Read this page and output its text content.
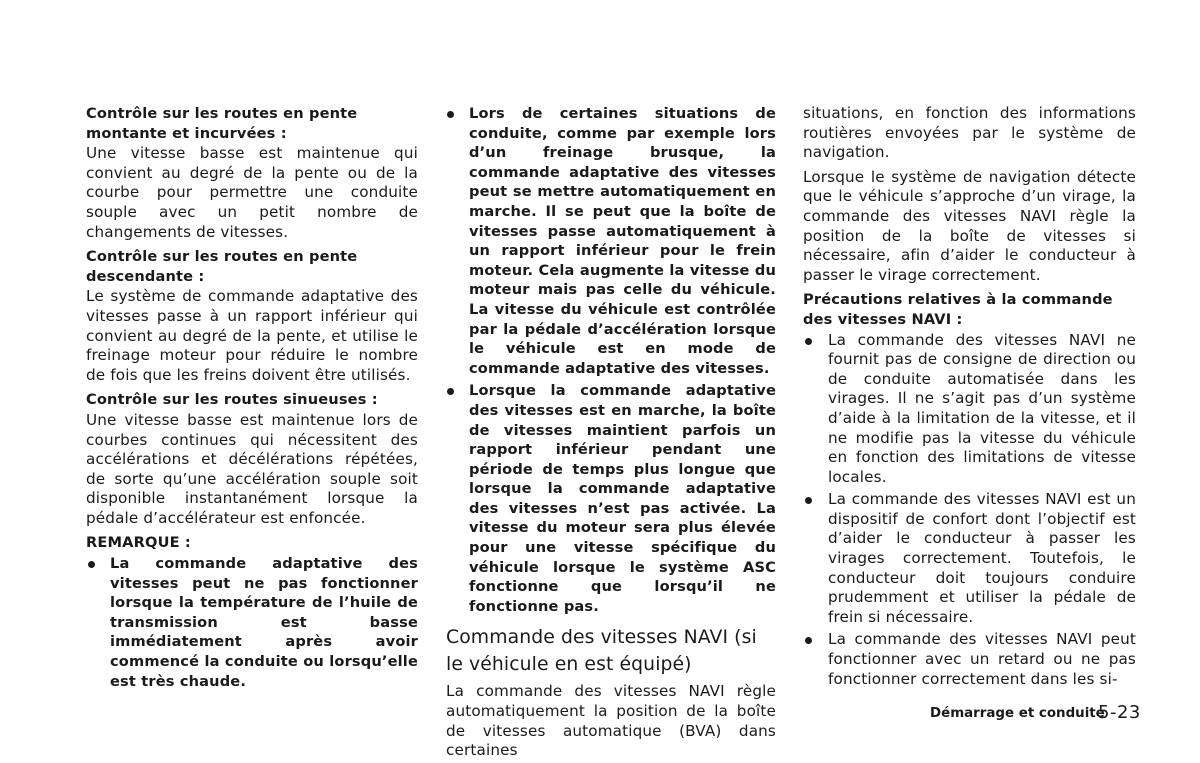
Contrôle sur les routes en pente montante et incurvées :

Une vitesse basse est maintenue qui convient au degré de la pente ou de la courbe pour permettre une conduite souple avec un petit nombre de changements de vitesses.

Contrôle sur les routes en pente descendante :

Le système de commande adaptative des vitesses passe à un rapport inférieur qui convient au degré de la pente, et utilise le freinage moteur pour réduire le nombre de fois que les freins doivent être utilisés.

Contrôle sur les routes sinueuses :

Une vitesse basse est maintenue lors de courbes continues qui nécessitent des accélérations et décélérations répétées, de sorte qu’une accélération souple soit disponible instantanément lorsque la pédale d’accélérateur est enfoncée.

REMARQUE :

La commande adaptative des vitesses peut ne pas fonctionner lorsque la température de l’huile de transmission est basse immédiatement après avoir commencé la conduite ou lorsqu’elle est très chaude.

Lors de certaines situations de conduite, comme par exemple lors d’un freinage brusque, la commande adaptative des vitesses peut se mettre automatiquement en marche. Il se peut que la boîte de vitesses passe automatiquement à un rapport inférieur pour le frein moteur. Cela augmente la vitesse du moteur mais pas celle du véhicule. La vitesse du véhicule est contrôlée par la pédale d’accélération lorsque le véhicule est en mode de commande adaptative des vitesses.

Lorsque la commande adaptative des vitesses est en marche, la boîte de vitesses maintient parfois un rapport inférieur pendant une période de temps plus longue que lorsque la commande adaptative des vitesses n’est pas activée. La vitesse du moteur sera plus élevée pour une vitesse spécifique du véhicule lorsque le système ASC fonctionne que lorsqu’il ne fonctionne pas.

Commande des vitesses NAVI (si le véhicule en est équipé)

La commande des vitesses NAVI règle automatiquement la position de la boîte de vitesses automatique (BVA) dans certaines

situations, en fonction des informations routières envoyées par le système de navigation.

Lorsque le système de navigation détecte que le véhicule s’approche d’un virage, la commande des vitesses NAVI règle la position de la boîte de vitesses si nécessaire, afin d’aider le conducteur à passer le virage correctement.

Précautions relatives à la commande des vitesses NAVI :

La commande des vitesses NAVI ne fournit pas de consigne de direction ou de conduite automatisée dans les virages. Il ne s’agit pas d’un système d’aide à la limitation de la vitesse, et il ne modifie pas la vitesse du véhicule en fonction des limitations de vitesse locales.

La commande des vitesses NAVI est un dispositif de confort dont l’objectif est d’aider le conducteur à passer les virages correctement. Toutefois, le conducteur doit toujours conduire prudemment et utiliser la pédale de frein si nécessaire.

La commande des vitesses NAVI peut fonctionner avec un retard ou ne pas fonctionner correctement dans les si-

Démarrage et conduite
5-23
